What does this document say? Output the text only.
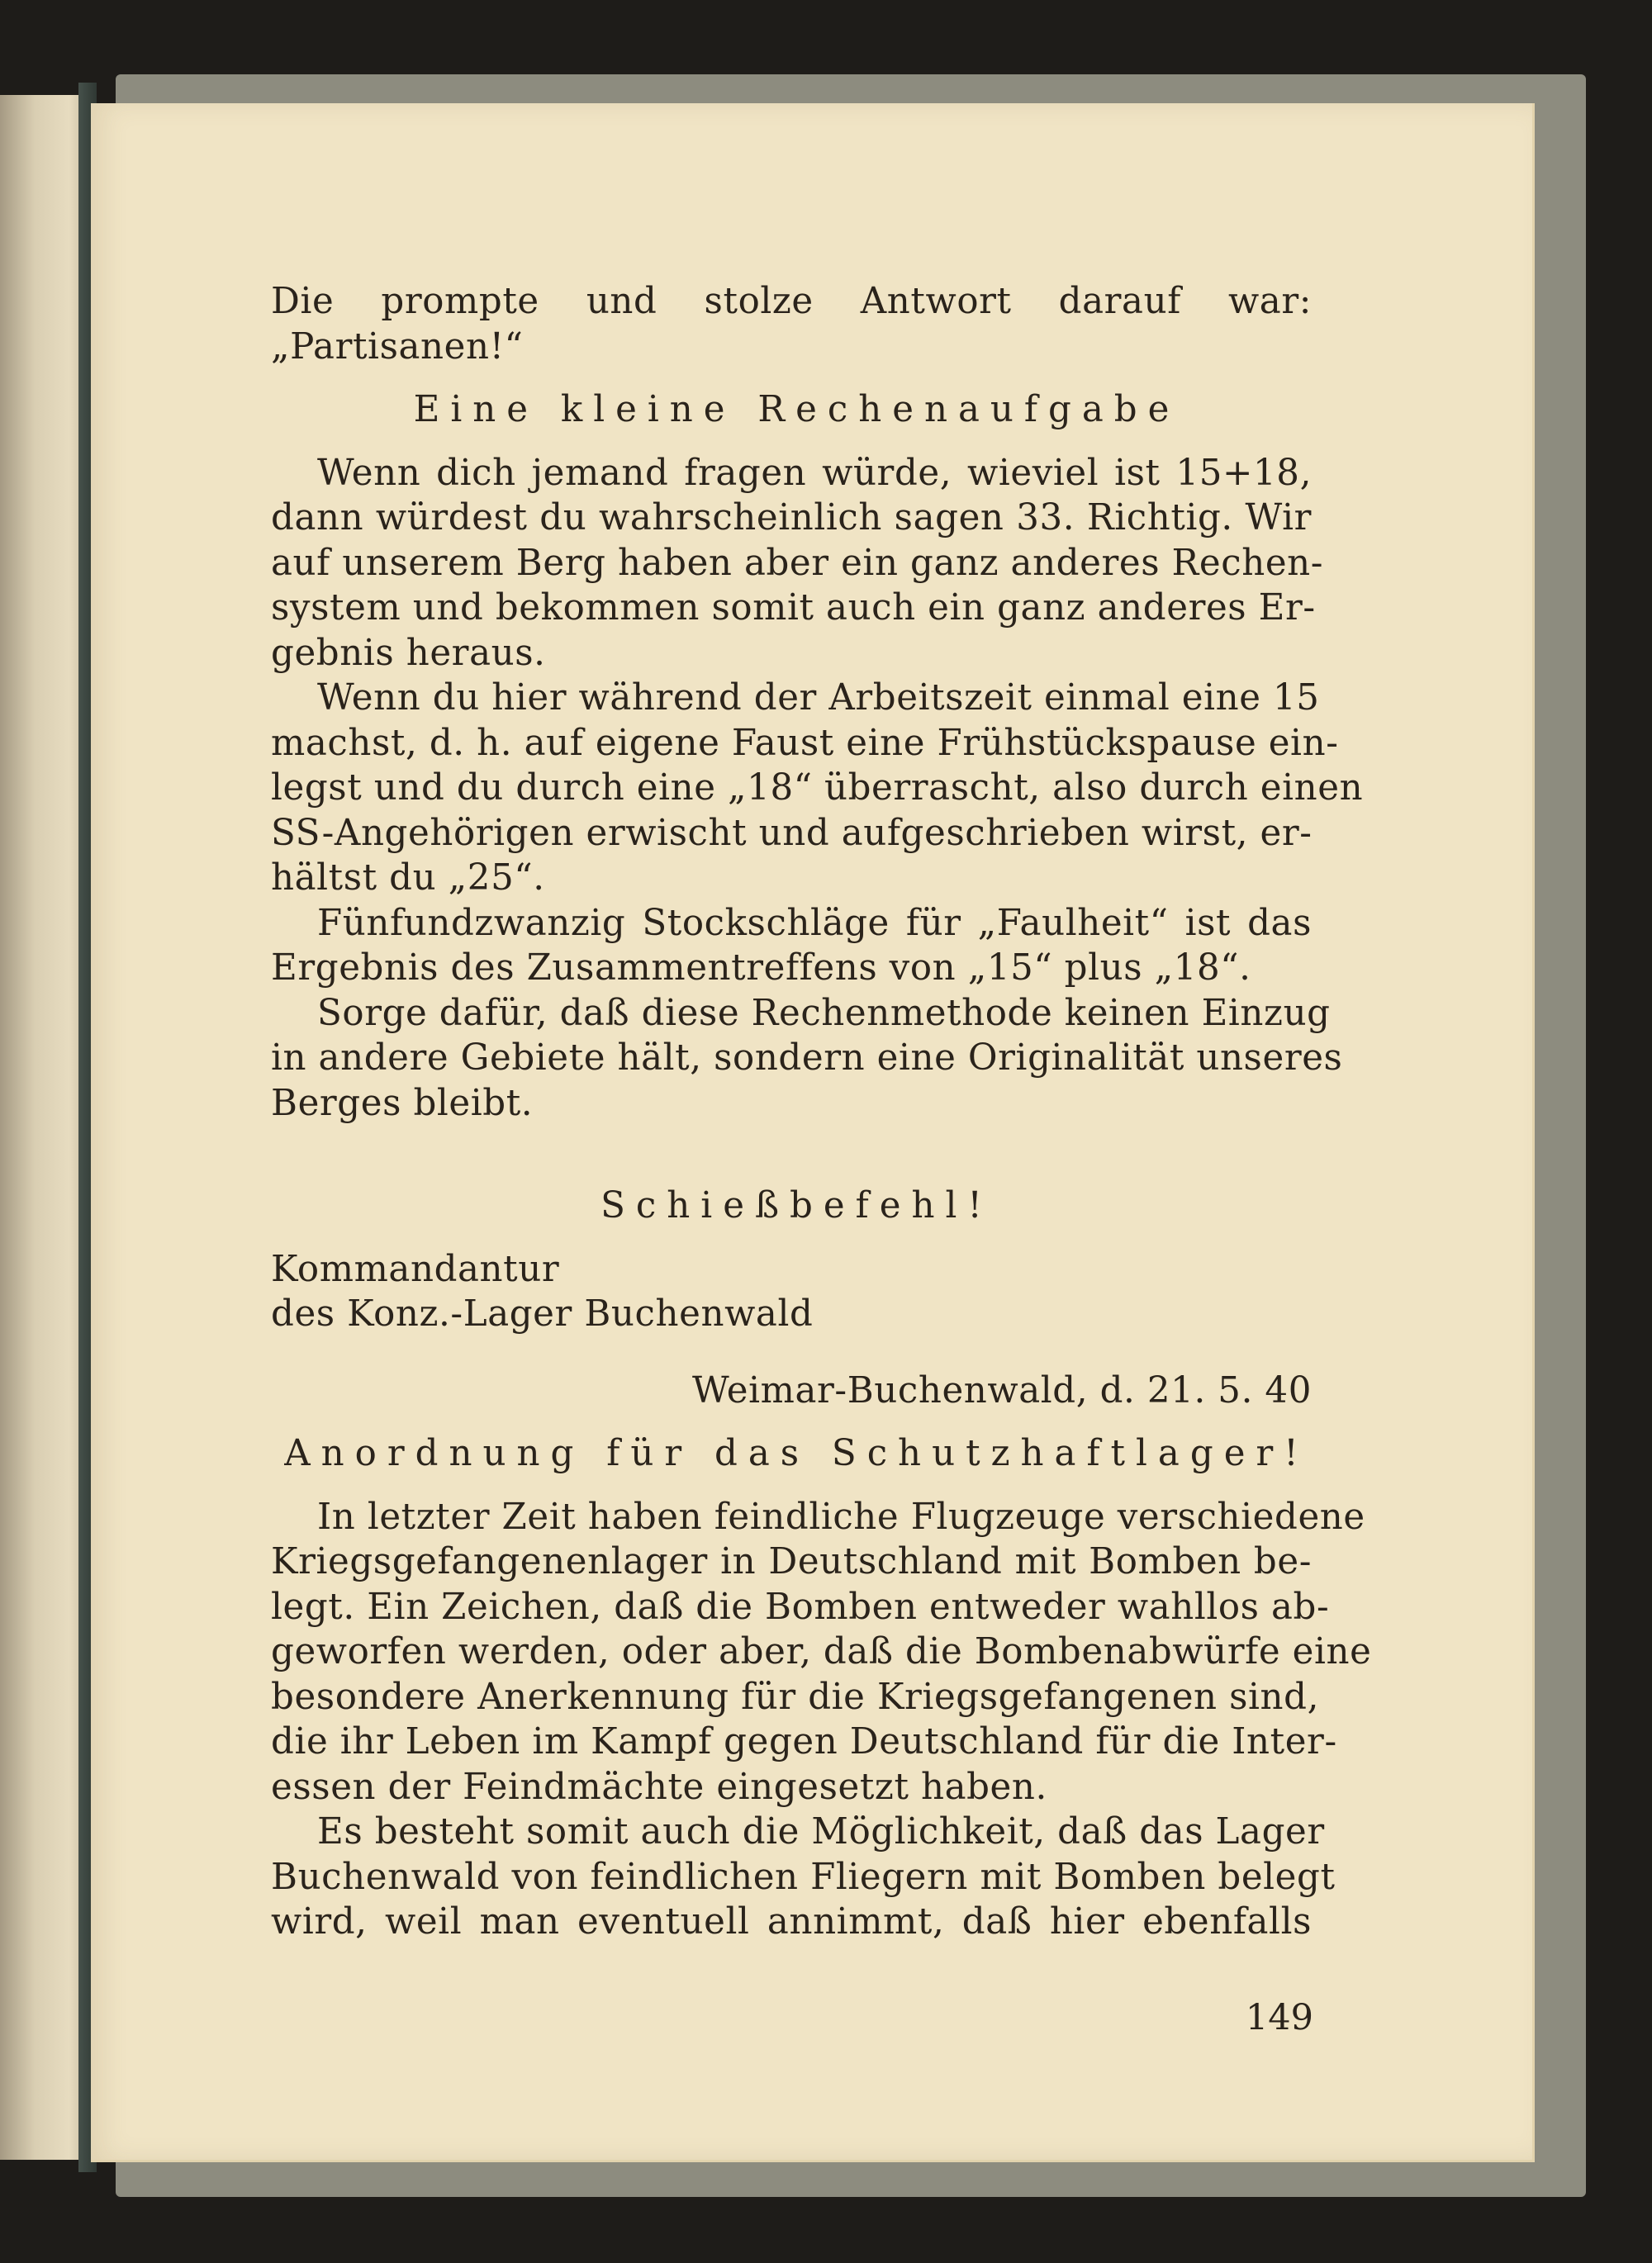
Die prompte und stolze Antwort darauf war:
„Partisanen!“
Eine kleine Rechenaufgabe
Wenn dich jemand fragen würde, wieviel ist 15+18,
dann würdest du wahrscheinlich sagen 33. Richtig. Wir
auf unserem Berg haben aber ein ganz anderes Rechen-
system und bekommen somit auch ein ganz anderes Er-
gebnis heraus.
Wenn du hier während der Arbeitszeit einmal eine 15
machst, d. h. auf eigene Faust eine Frühstückspause ein-
legst und du durch eine „18“ überrascht, also durch einen
SS-Angehörigen erwischt und aufgeschrieben wirst, er-
hältst du „25“.
Fünfundzwanzig Stockschläge für „Faulheit“ ist das
Ergebnis des Zusammentreffens von „15“ plus „18“.
Sorge dafür, daß diese Rechenmethode keinen Einzug
in andere Gebiete hält, sondern eine Originalität unseres
Berges bleibt.
Schießbefehl!
Kommandantur
des Konz.-Lager Buchenwald
Weimar-Buchenwald, d. 21. 5. 40
Anordnung für das Schutzhaftlager!
In letzter Zeit haben feindliche Flugzeuge verschiedene
Kriegsgefangenenlager in Deutschland mit Bomben be-
legt. Ein Zeichen, daß die Bomben entweder wahllos ab-
geworfen werden, oder aber, daß die Bombenabwürfe eine
besondere Anerkennung für die Kriegsgefangenen sind,
die ihr Leben im Kampf gegen Deutschland für die Inter-
essen der Feindmächte eingesetzt haben.
Es besteht somit auch die Möglichkeit, daß das Lager
Buchenwald von feindlichen Fliegern mit Bomben belegt
wird, weil man eventuell annimmt, daß hier ebenfalls
149
